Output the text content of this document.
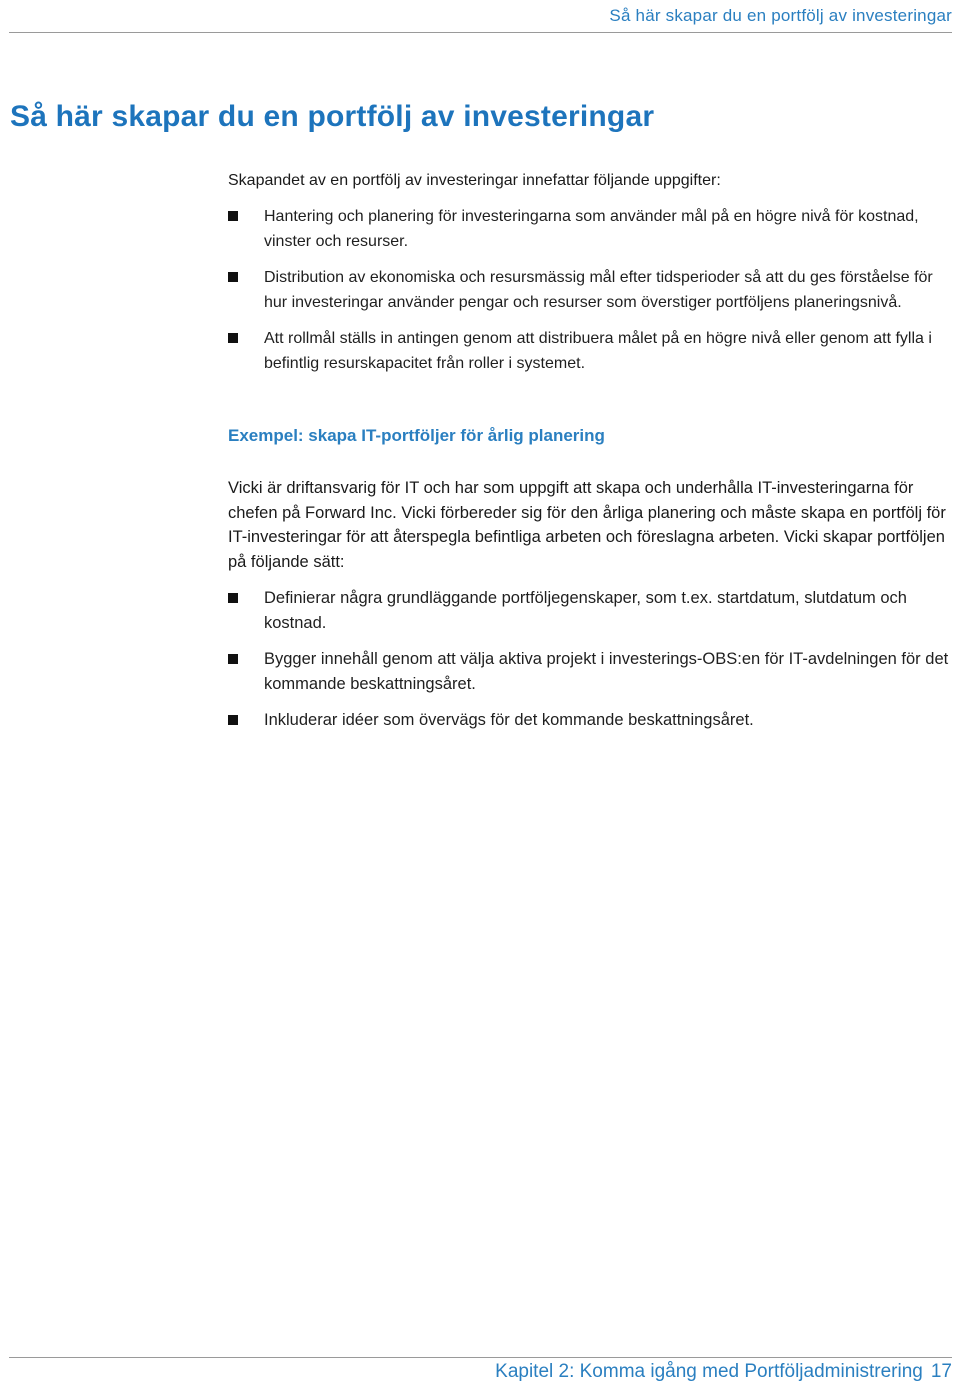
Så här skapar du en portfölj av investeringar
Så här skapar du en portfölj av investeringar
Skapandet av en portfölj av investeringar innefattar följande uppgifter:
Hantering och planering för investeringarna som använder mål på en högre nivå för kostnad, vinster och resurser.
Distribution av ekonomiska och resursmässig mål efter tidsperioder så att du ges förståelse för hur investeringar använder pengar och resurser som överstiger portföljens planeringsnivå.
Att rollmål ställs in antingen genom att distribuera målet på en högre nivå eller genom att fylla i befintlig resurskapacitet från roller i systemet.
Exempel: skapa IT-portföljer för årlig planering
Vicki är driftansvarig för IT och har som uppgift att skapa och underhålla IT-investeringarna för chefen på Forward Inc. Vicki förbereder sig för den årliga planering och måste skapa en portfölj för IT-investeringar för att återspegla befintliga arbeten och föreslagna arbeten. Vicki skapar portföljen på följande sätt:
Definierar några grundläggande portföljegenskaper, som t.ex. startdatum, slutdatum och kostnad.
Bygger innehåll genom att välja aktiva projekt i investerings-OBS:en för IT-avdelningen för det kommande beskattningsåret.
Inkluderar idéer som övervägs för det kommande beskattningsåret.
Kapitel 2: Komma igång med Portföljadministrering 17
